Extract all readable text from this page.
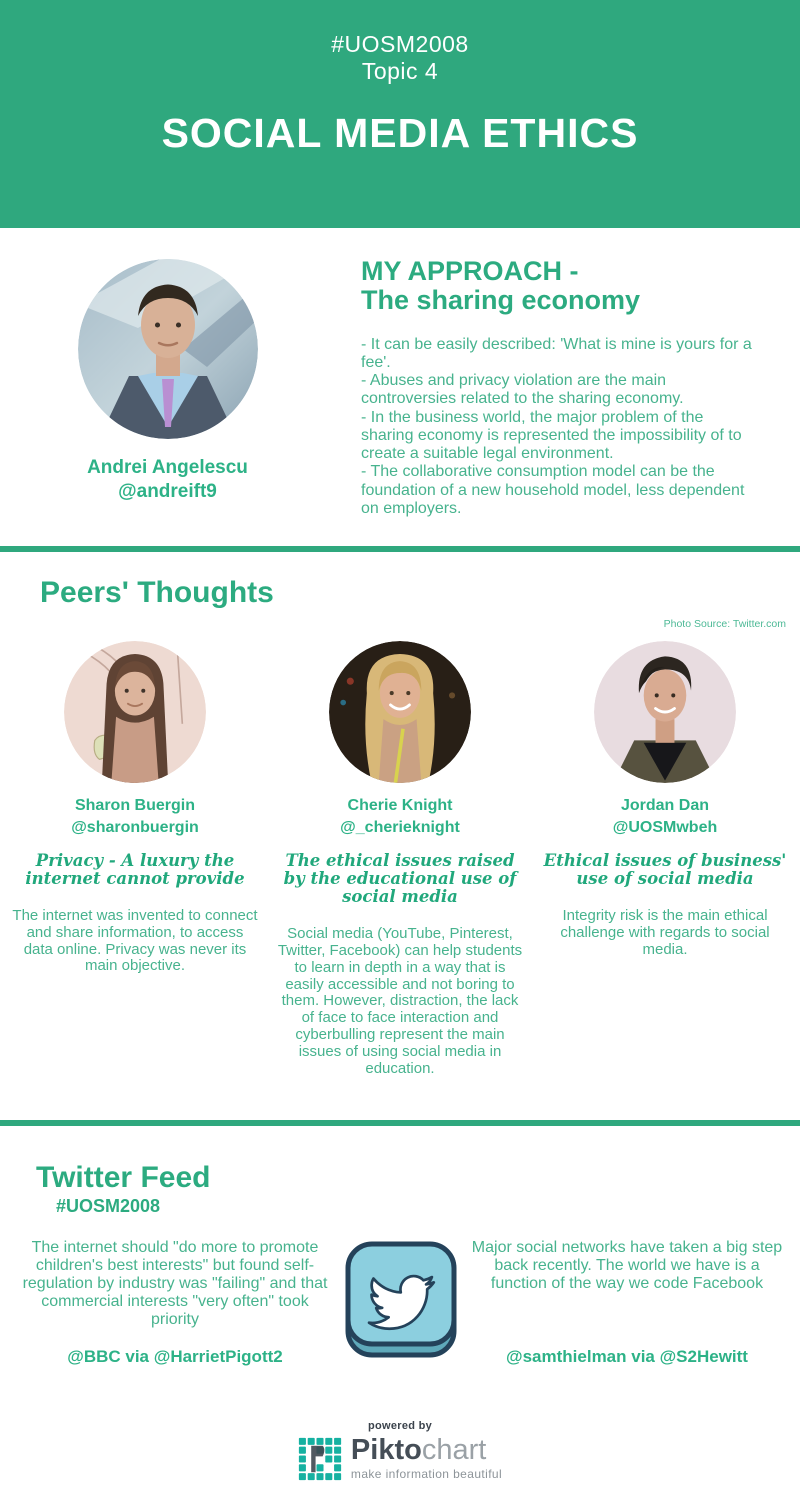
#UOSM2008
Topic 4
SOCIAL MEDIA ETHICS
Andrei Angelescu
@andreift9
MY APPROACH -
The sharing economy

- It can be easily described: 'What is mine is yours for a fee'.

- Abuses and privacy violation are the main controversies related to the sharing economy.

- In the business world, the major problem of the sharing economy is represented the impossibility of to create a suitable legal environment.

- The collaborative consumption model can be the foundation of a new household model, less dependent on employers.

Peers' Thoughts
Photo Source: Twitter.com
Sharon Buergin
@sharonbuergin
Privacy - A luxury the internet cannot provide
The internet was invented to connect and share information, to access data online. Privacy was never its main objective.
Cherie Knight
@_cherieknight
The ethical issues raised by the educational use of social media
Social media (YouTube, Pinterest, Twitter, Facebook) can help students to learn in depth in a way that is easily accessible and not boring to them. However, distraction, the lack of face to face interaction and cyberbulling represent the main issues of using social media in education.
Jordan Dan
@UOSMwbeh
Ethical issues of business' use of social media
Integrity risk is the main ethical challenge with regards to social media.
Twitter Feed
#UOSM2008
The internet should "do more to promote children's best interests" but found self-regulation by industry was "failing" and that commercial interests "very often" took priority
@BBC via @HarrietPigott2
Major social networks have taken a big step back recently. The world we have is a function of the way we code Facebook
@samthielman via @S2Hewitt
powered by
Piktochart
make information beautiful
